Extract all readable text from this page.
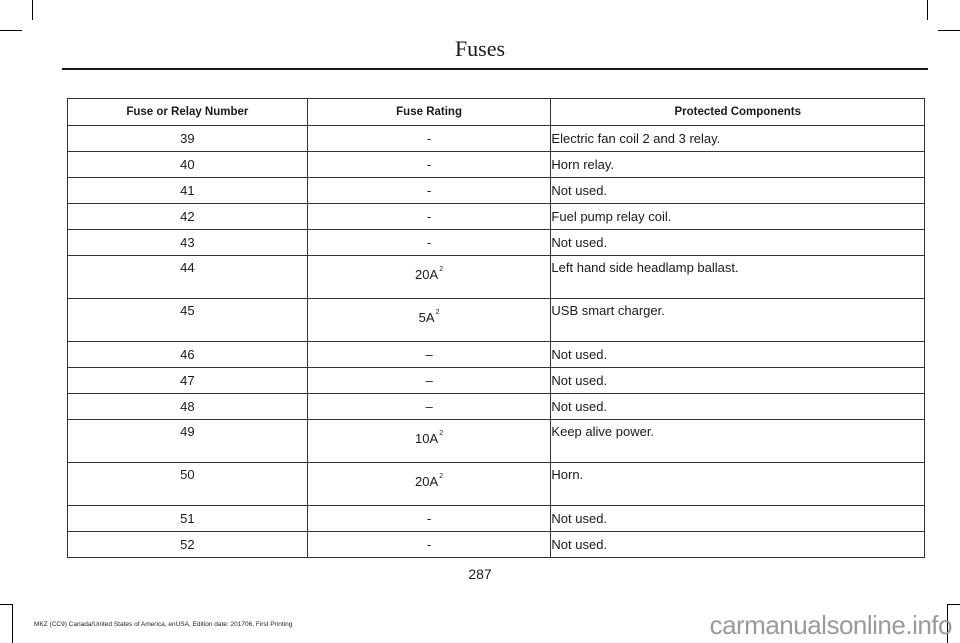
Fuses
Fuse or Relay Number	Fuse Rating	Protected Components
39	-	Electric fan coil 2 and 3 relay.
40	-	Horn relay.
41	-	Not used.
42	-	Fuel pump relay coil.
43	-	Not used.
44	$20A^2$	Left hand side headlamp ballast.
45	$5A^2$	USB smart charger.
46	–	Not used.
47	–	Not used.
48	–	Not used.
49	$10A^2$	Keep alive power.
50	$20A^2$	Horn.
51	-	Not used.
52	-	Not used.
287
MKZ (CC9) Canada/United States of America, enUSA, Edition date: 201706, First Printing	carmanualsonline.info
